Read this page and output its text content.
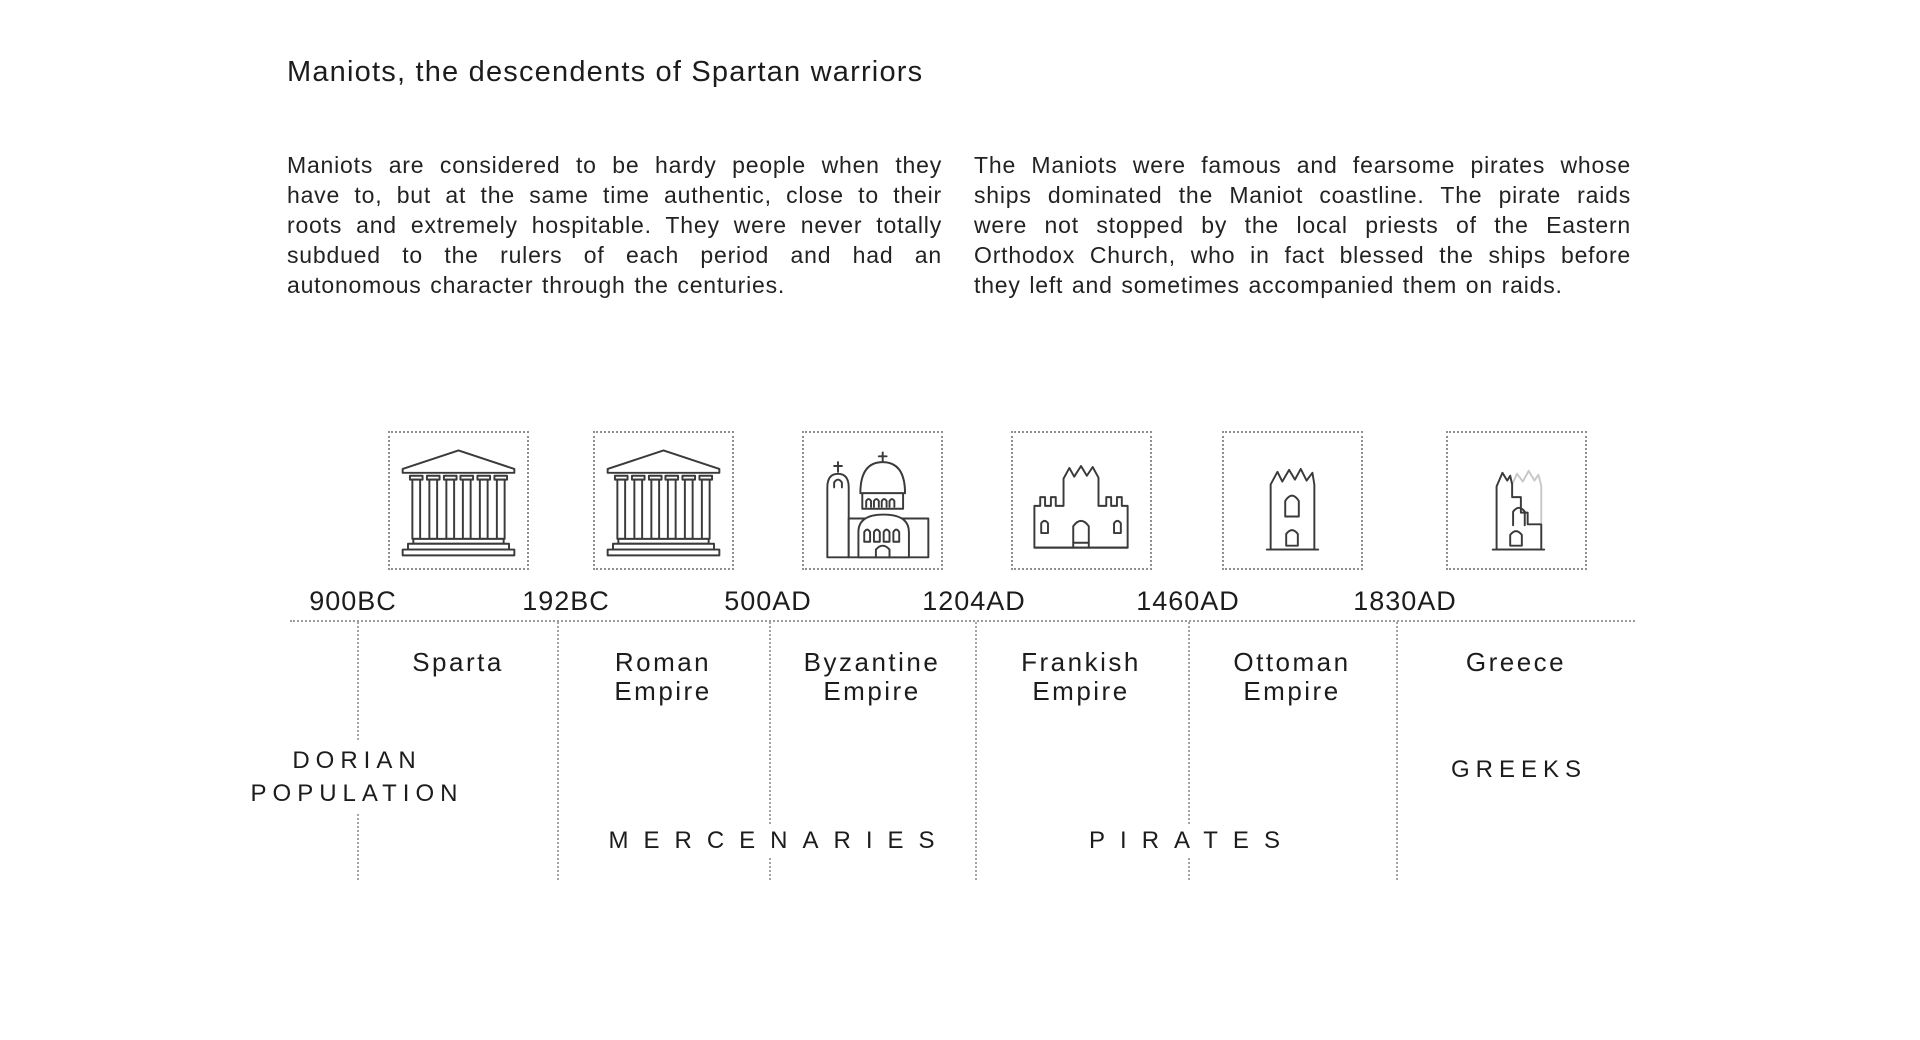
Maniots, the descendents of Spartan warriors
Maniots are considered to be hardy people when they have to, but at the same time authentic, close to their roots and extremely hospitable. They were never totally subdued to the rulers of each period and had an autonomous character through the centuries.
The Maniots were famous and fearsome pirates whose ships dominated the Maniot coastline. The pirate raids were not stopped by the local priests of the Eastern Orthodox Church, who in fact blessed the ships before they left and sometimes accompanied them on raids.
900BC	192BC	500AD	1204AD	1460AD	1830AD
Sparta	Roman Empire
Byzantine Empire
Frankish Empire
Ottoman Empire
Greece
DORIAN POPULATION
GREEKS
MERCENARIES	PIRATES
